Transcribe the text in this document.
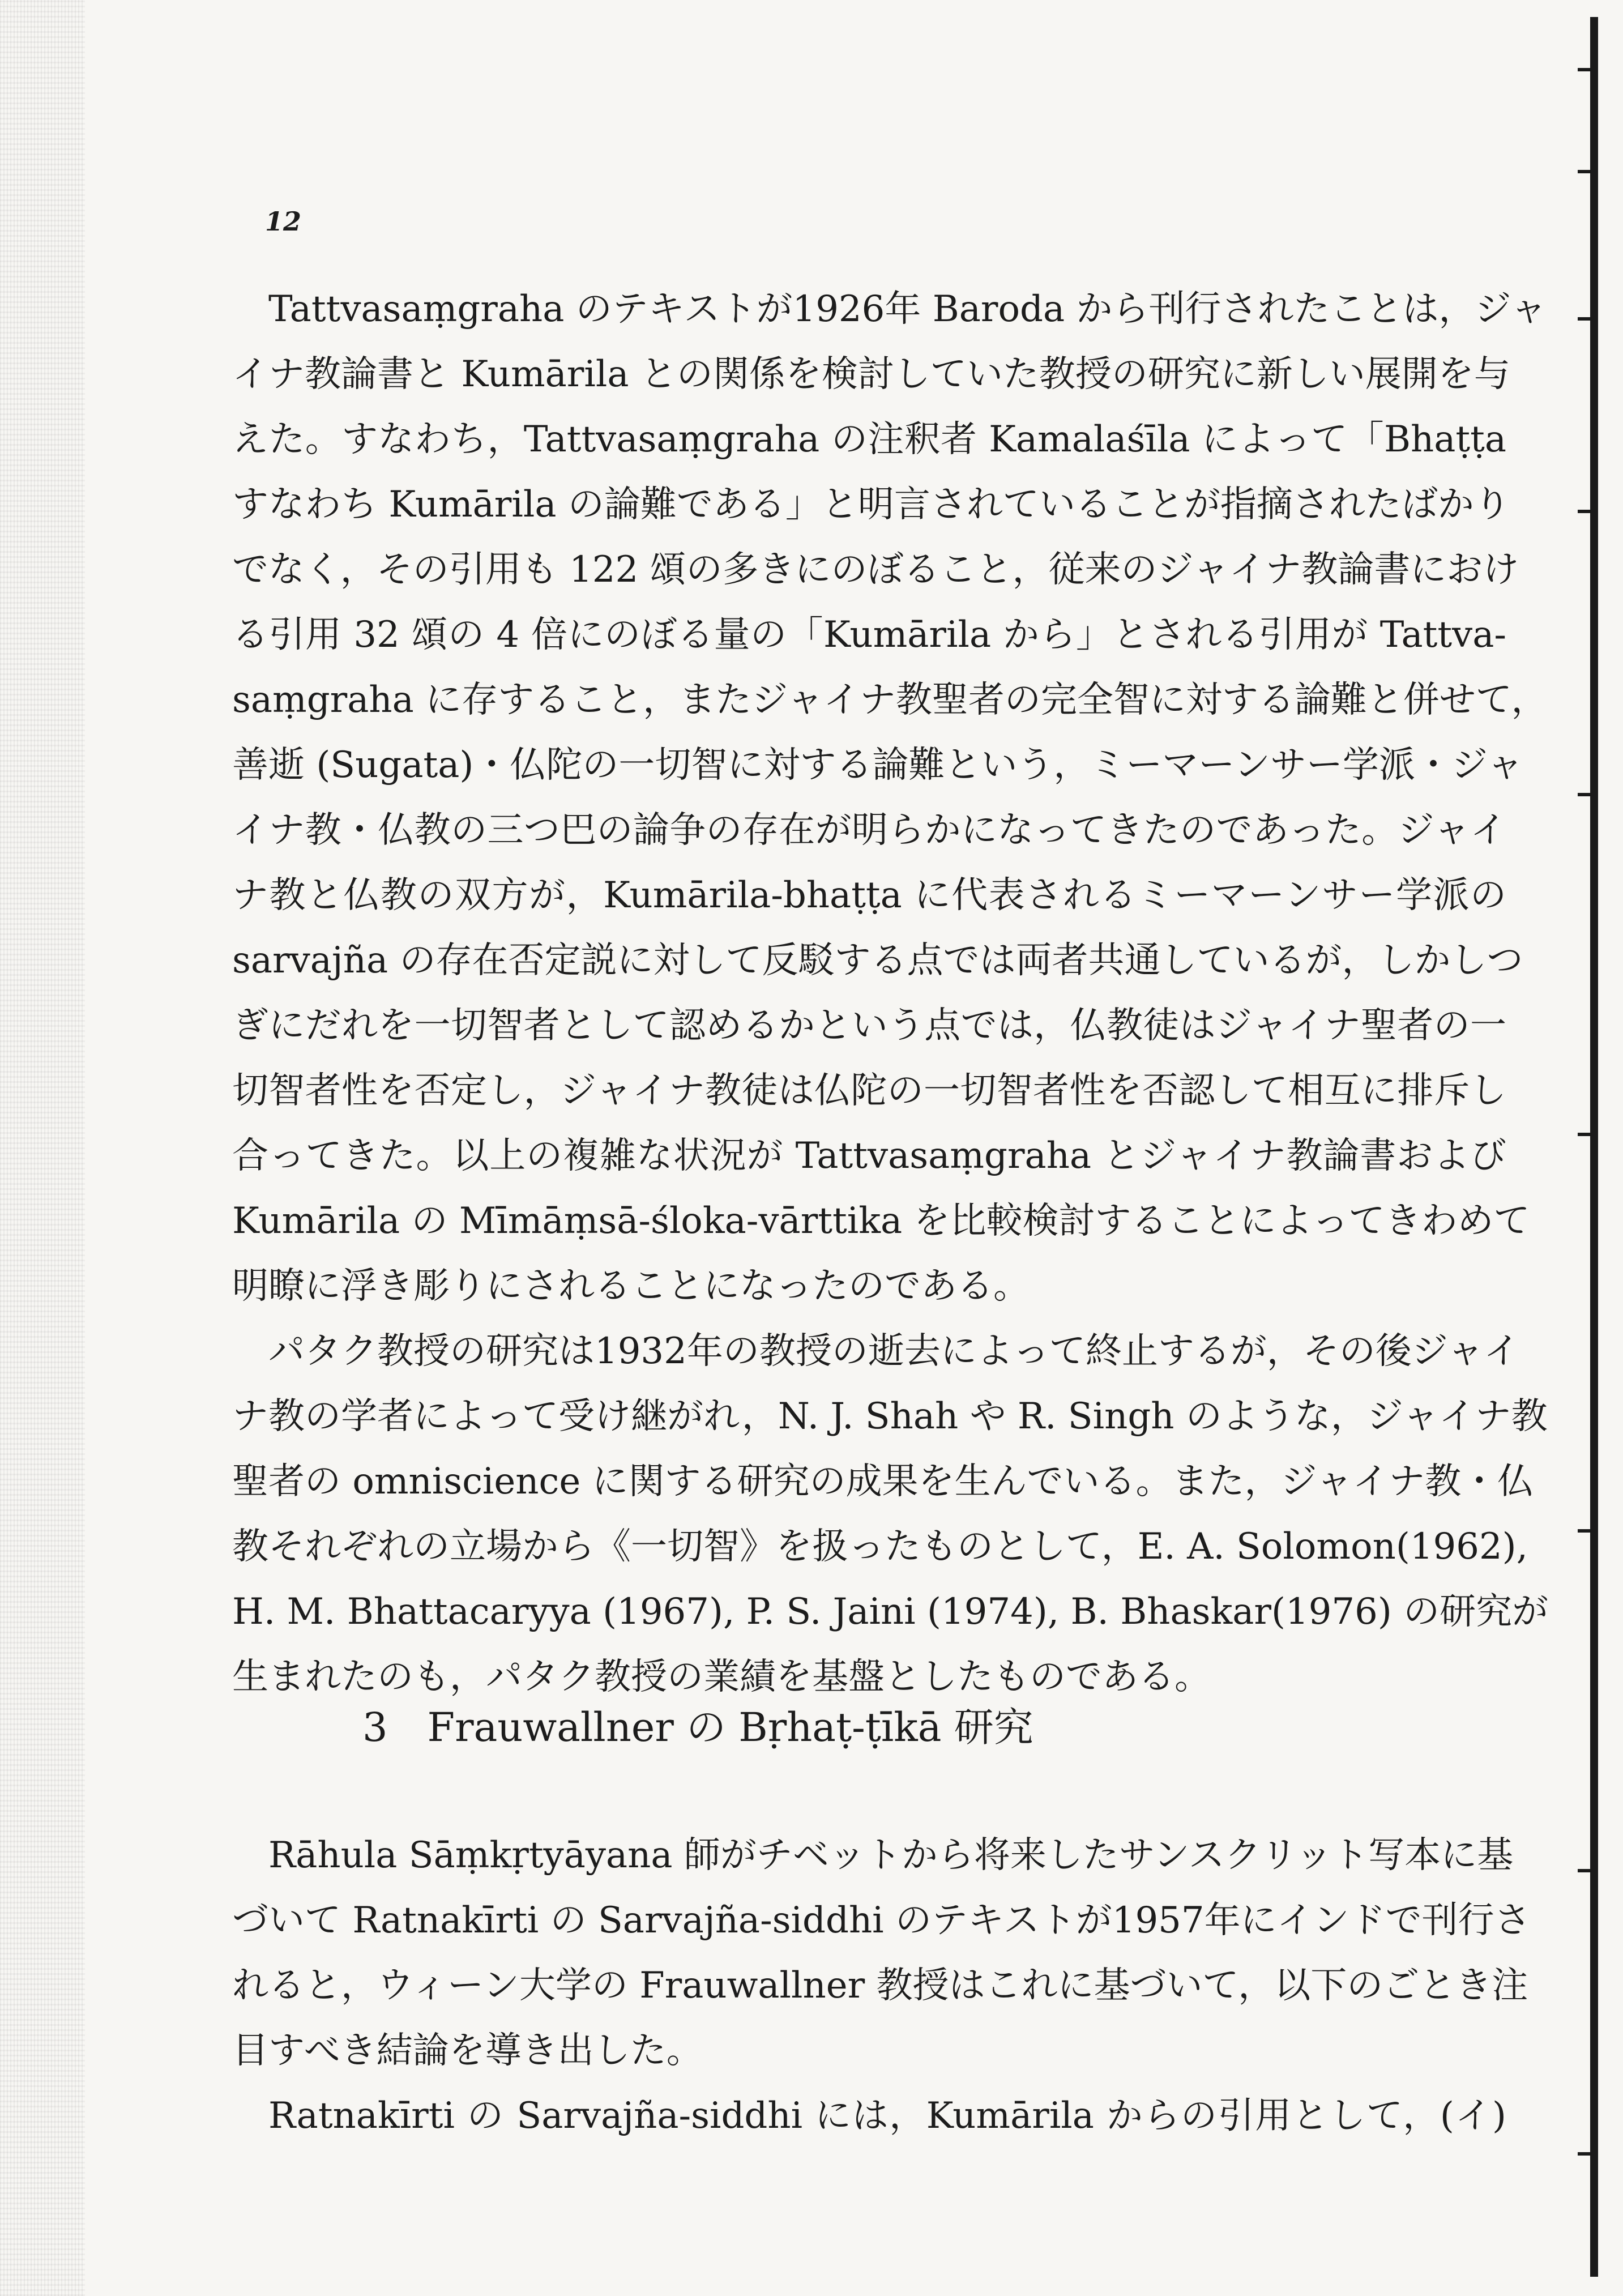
12
Tattvasaṃgraha のテキストが1926年 Baroda から刊行されたことは，ジャ
イナ教論書と Kumārila との関係を検討していた教授の研究に新しい展開を与
えた。すなわち，Tattvasaṃgraha の注釈者 Kamalaśīla によって「Bhaṭṭa
すなわち Kumārila の論難である」と明言されていることが指摘されたばかり
でなく，その引用も 122 頌の多きにのぼること，従来のジャイナ教論書におけ
る引用 32 頌の 4 倍にのぼる量の「Kumārila から」とされる引用が Tattva-
saṃgraha に存すること，またジャイナ教聖者の完全智に対する論難と併せて，
善逝 (Sugata)・仏陀の一切智に対する論難という，ミーマーンサー学派・ジャ
イナ教・仏教の三つ巴の論争の存在が明らかになってきたのであった。ジャイ
ナ教と仏教の双方が，Kumārila-bhaṭṭa に代表されるミーマーンサー学派の
sarvajña の存在否定説に対して反駁する点では両者共通しているが，しかしつ
ぎにだれを一切智者として認めるかという点では，仏教徒はジャイナ聖者の一
切智者性を否定し，ジャイナ教徒は仏陀の一切智者性を否認して相互に排斥し
合ってきた。以上の複雑な状況が Tattvasaṃgraha とジャイナ教論書および
Kumārila の Mīmāṃsā-śloka-vārttika を比較検討することによってきわめて
明瞭に浮き彫りにされることになったのである。
パタク教授の研究は1932年の教授の逝去によって終止するが，その後ジャイ
ナ教の学者によって受け継がれ，N. J. Shah や R. Singh のような，ジャイナ教
聖者の omniscience に関する研究の成果を生んでいる。また，ジャイナ教・仏
教それぞれの立場から《一切智》を扱ったものとして，E. A. Solomon(1962),
H. M. Bhattacaryya (1967), P. S. Jaini (1974), B. Bhaskar(1976) の研究が
生まれたのも，パタク教授の業績を基盤としたものである。
3 Frauwallner の Bṛhaṭ-ṭīkā 研究
Rāhula Sāṃkṛtyāyana 師がチベットから将来したサンスクリット写本に基
づいて Ratnakīrti の Sarvajña-siddhi のテキストが1957年にインドで刊行さ
れると，ウィーン大学の Frauwallner 教授はこれに基づいて，以下のごとき注
目すべき結論を導き出した。
Ratnakīrti の Sarvajña-siddhi には，Kumārila からの引用として，(イ)
